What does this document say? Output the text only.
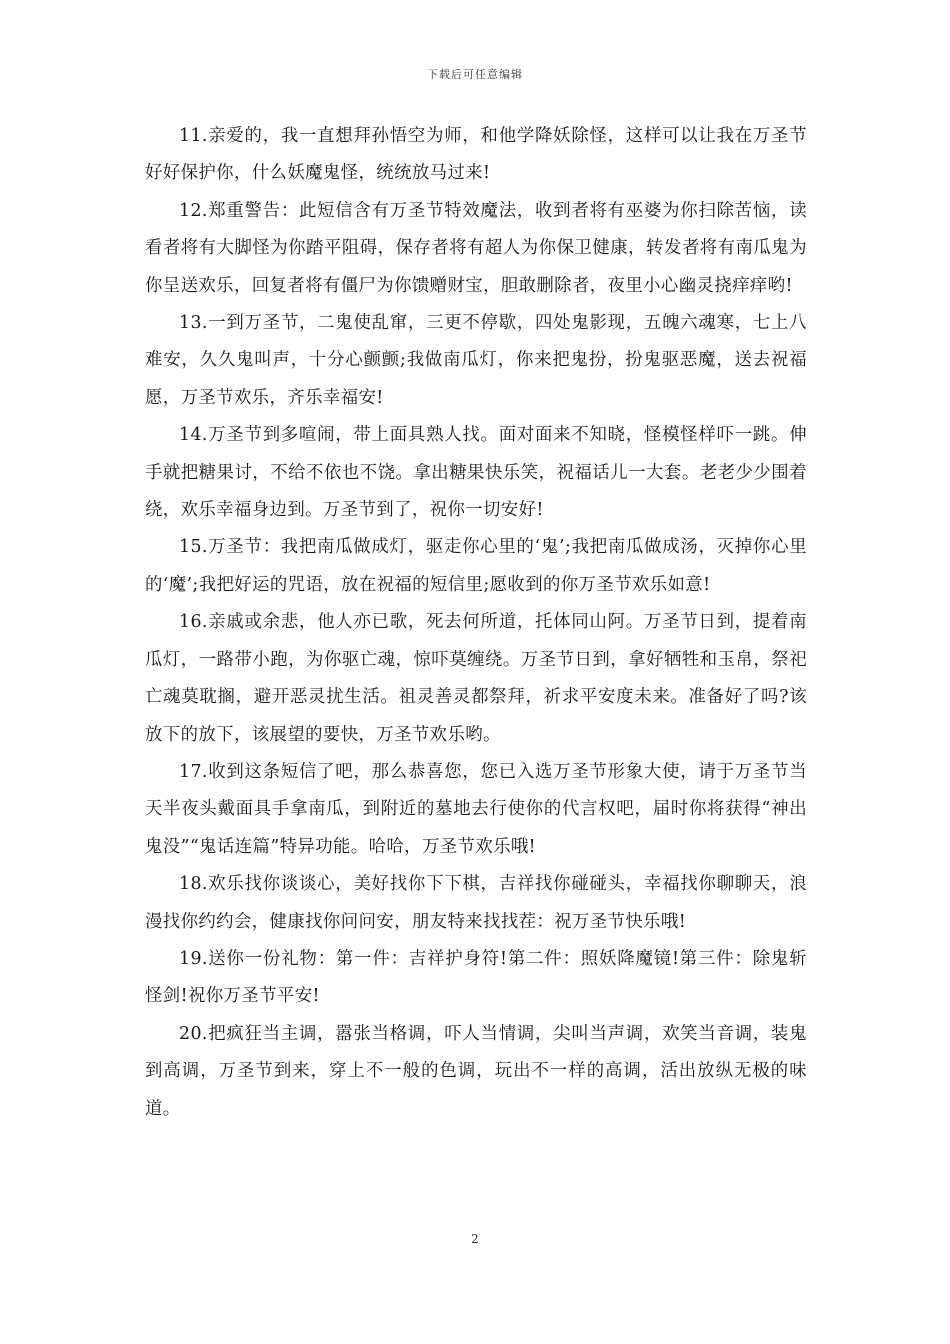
下载后可任意编辑

11.亲爱的，我一直想拜孙悟空为师，和他学降妖除怪，这样可以让我在万圣节好好保护你，什么妖魔鬼怪，统统放马过来!

12.郑重警告：此短信含有万圣节特效魔法，收到者将有巫婆为你扫除苦恼，读看者将有大脚怪为你踏平阻碍，保存者将有超人为你保卫健康，转发者将有南瓜鬼为你呈送欢乐，回复者将有僵尸为你馈赠财宝，胆敢删除者，夜里小心幽灵挠痒痒哟!

13.一到万圣节，二鬼使乱窜，三更不停歇，四处鬼影现，五魄六魂寒，七上八难安，久久鬼叫声，十分心颤颤;我做南瓜灯，你来把鬼扮，扮鬼驱恶魔，送去祝福愿，万圣节欢乐，齐乐幸福安!

14.万圣节到多喧闹，带上面具熟人找。面对面来不知晓，怪模怪样吓一跳。伸手就把糖果讨，不给不依也不饶。拿出糖果快乐笑，祝福话儿一大套。老老少少围着绕，欢乐幸福身边到。万圣节到了，祝你一切安好!

15.万圣节：我把南瓜做成灯，驱走你心里的‘鬼’;我把南瓜做成汤，灭掉你心里的‘魔’;我把好运的咒语，放在祝福的短信里;愿收到的你万圣节欢乐如意!

16.亲戚或余悲，他人亦已歌，死去何所道，托体同山阿。万圣节日到，提着南瓜灯，一路带小跑，为你驱亡魂，惊吓莫缠绕。万圣节日到，拿好牺牲和玉帛，祭祀亡魂莫耽搁，避开恶灵扰生活。祖灵善灵都祭拜，祈求平安度未来。准备好了吗?该放下的放下，该展望的要快，万圣节欢乐哟。

17.收到这条短信了吧，那么恭喜您，您已入选万圣节形象大使，请于万圣节当天半夜头戴面具手拿南瓜，到附近的墓地去行使你的代言权吧，届时你将获得“神出鬼没”“鬼话连篇”特异功能。哈哈，万圣节欢乐哦!

18.欢乐找你谈谈心，美好找你下下棋，吉祥找你碰碰头，幸福找你聊聊天，浪漫找你约约会，健康找你问问安，朋友特来找找茬：祝万圣节快乐哦!

19.送你一份礼物：第一件：吉祥护身符!第二件：照妖降魔镜!第三件：除鬼斩怪剑!祝你万圣节平安!

20.把疯狂当主调，嚣张当格调，吓人当情调，尖叫当声调，欢笑当音调，装鬼到高调，万圣节到来，穿上不一般的色调，玩出不一样的高调，活出放纵无极的味道。

2
